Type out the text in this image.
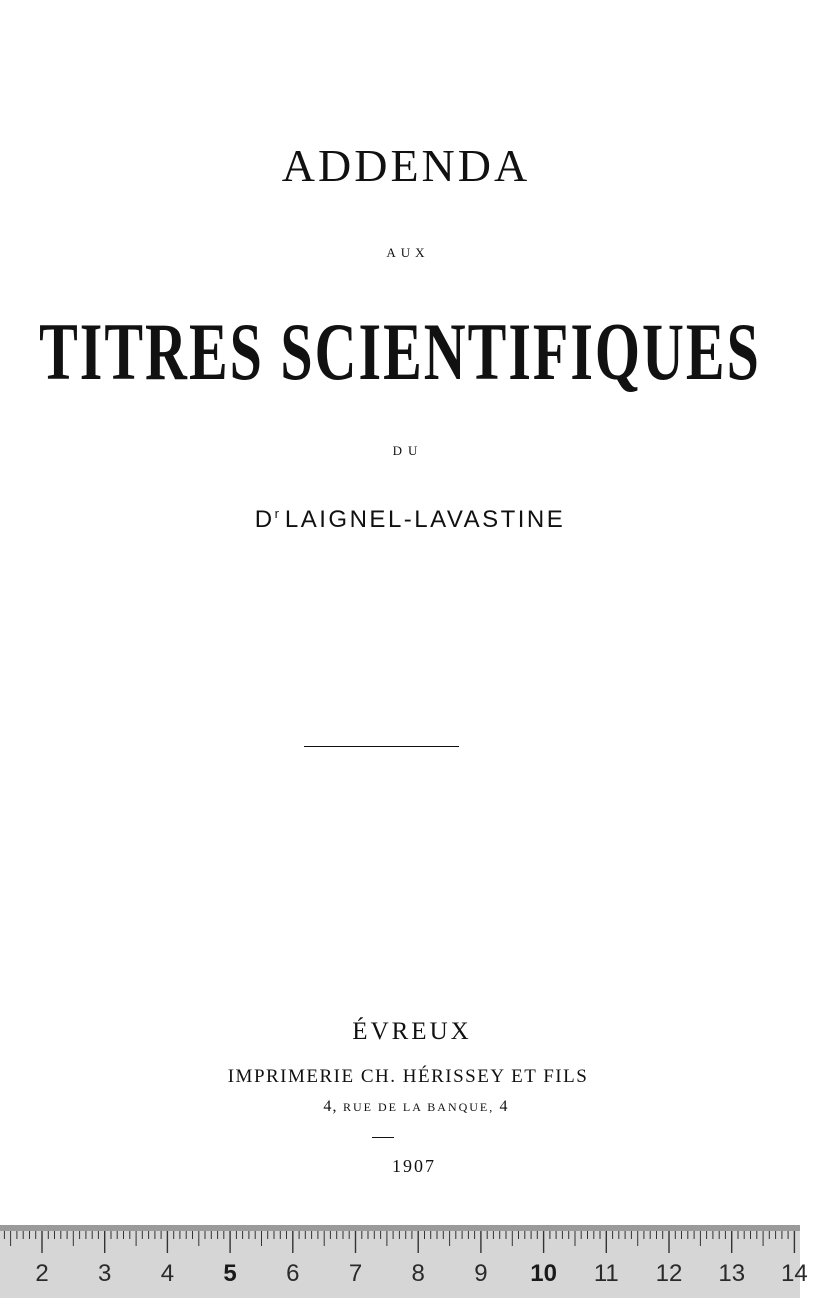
ADDENDA
AUX
TITRES SCIENTIFIQUES
DU
$D^r$ LAIGNEL-LAVASTINE
ÉVREUX
IMPRIMERIE CH. HÉRISSEY ET FILS
4, RUE DE LA BANQUE, 4
1907
2 3 4 5 6 7 8 9 10 11 12 13 14
